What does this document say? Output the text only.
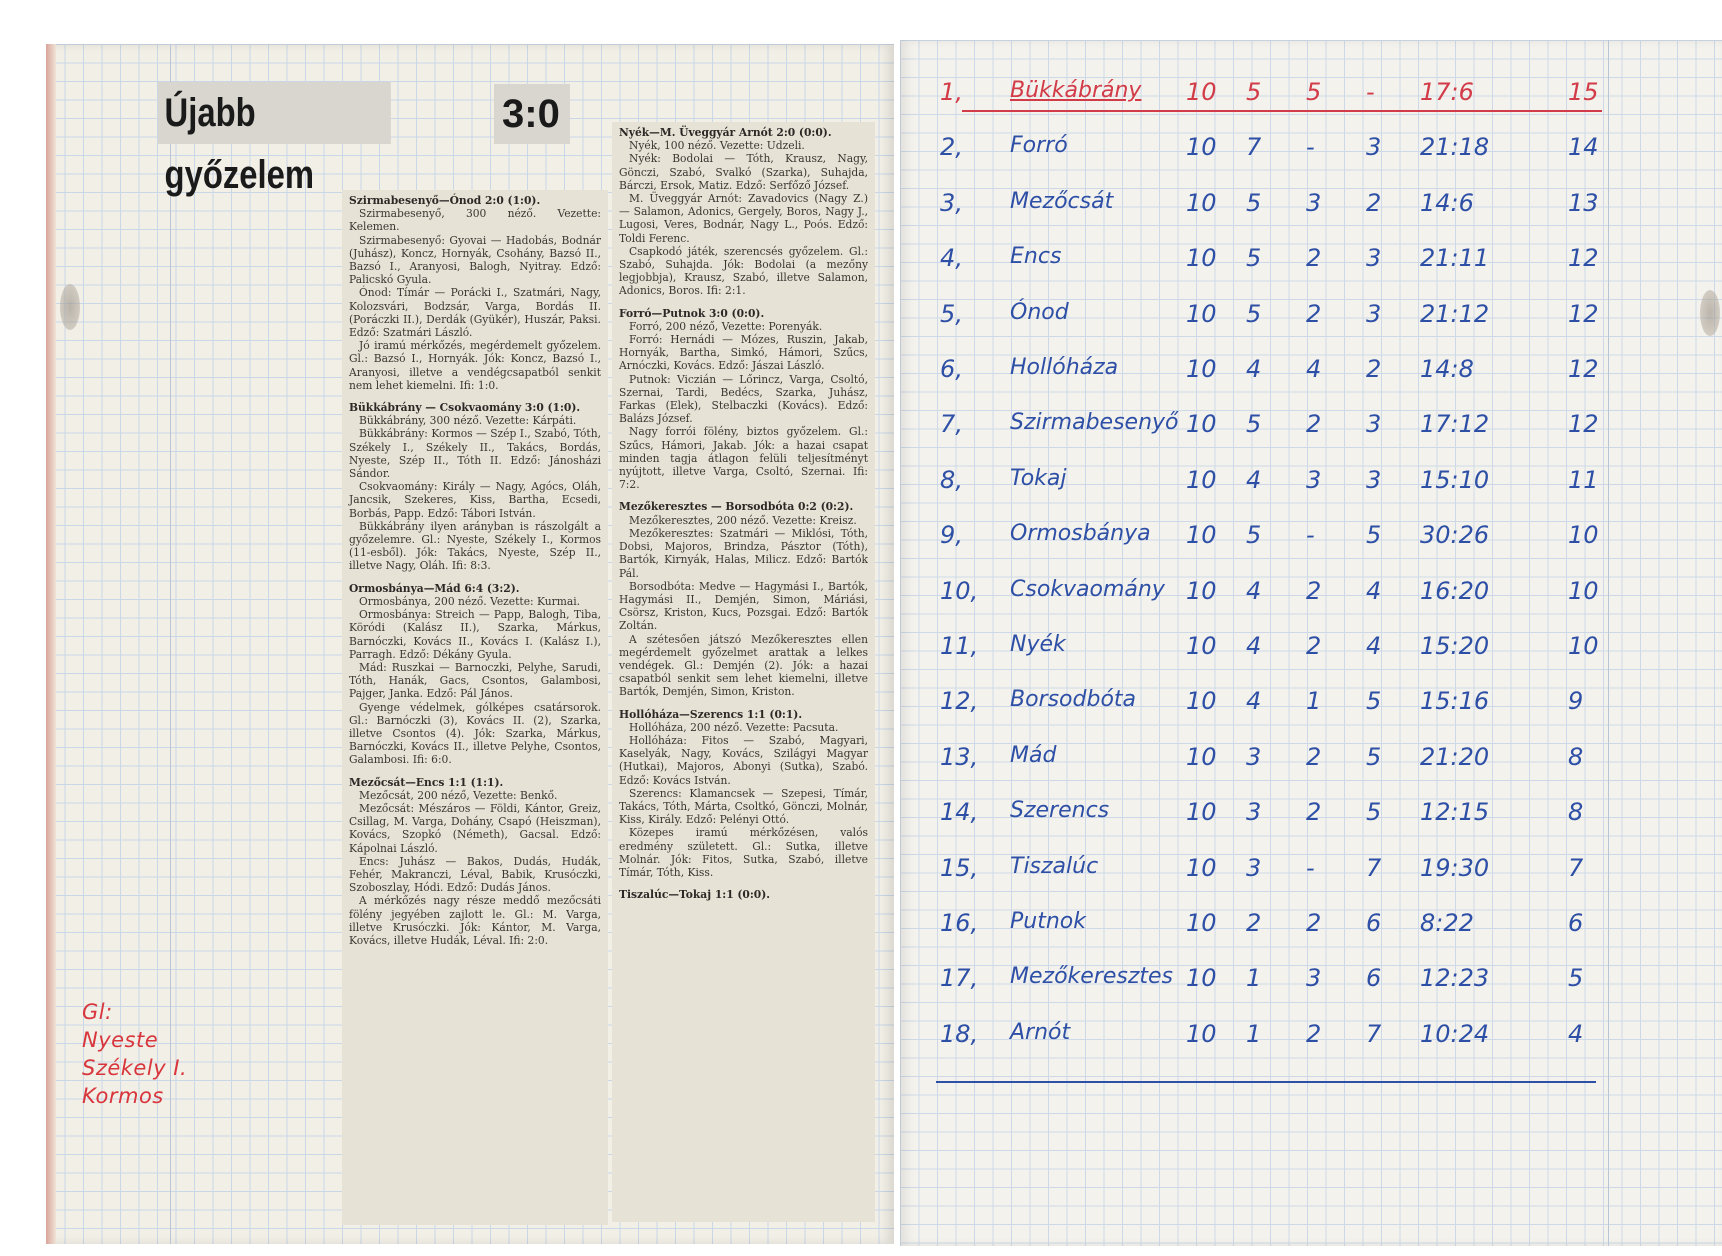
Újabb győzelem
3:0
Szirmabesenyő—Ónod 2:0 (1:0).
Szirmabesenyő, 300 néző. Vezette: Kelemen.
Szirmabesenyő: Gyovai — Hadobás, Bodnár (Juhász), Koncz, Hornyák, Csohány, Bazsó II., Bazsó I., Aranyosi, Balogh, Nyitray. Edző: Palicskó Gyula.
Ónod: Tímár — Porácki I., Szatmári, Nagy, Kolozsvári, Bodzsár, Varga, Bordás II. (Poráczki II.), Derdák (Gyükér), Huszár, Paksi. Edző: Szatmári László.
Jó iramú mérkőzés, megérdemelt győzelem. Gl.: Bazsó I., Hornyák. Jók: Koncz, Bazsó I., Aranyosi, illetve a vendégcsapatból senkit nem lehet kiemelni. Ifi: 1:0.
Bükkábrány — Csokvaomány 3:0 (1:0).
Bükkábrány, 300 néző. Vezette: Kárpáti.
Bükkábrány: Kormos — Szép I., Szabó, Tóth, Székely I., Székely II., Takács, Bordás, Nyeste, Szép II., Tóth II. Edző: Jánosházi Sándor.
Csokvaomány: Király — Nagy, Agócs, Oláh, Jancsik, Szekeres, Kiss, Bartha, Ecsedi, Borbás, Papp. Edző: Tábori István.
Bükkábrány ilyen arányban is rászolgált a győzelemre. Gl.: Nyeste, Székely I., Kormos (11-esből). Jók: Takács, Nyeste, Szép II., illetve Nagy, Oláh. Ifi: 8:3.
Ormosbánya—Mád 6:4 (3:2).
Ormosbánya, 200 néző. Vezette: Kurmai.
Ormosbánya: Streich — Papp, Balogh, Tiba, Köródi (Kalász II.), Szarka, Márkus, Barnóczki, Kovács II., Kovács I. (Kalász I.), Parragh. Edző: Dékány Gyula.
Mád: Ruszkai — Barnoczki, Pelyhe, Sarudi, Tóth, Hanák, Gacs, Csontos, Galambosi, Pajger, Janka. Edző: Pál János.
Gyenge védelmek, gólképes csatársorok. Gl.: Barnóczki (3), Kovács II. (2), Szarka, illetve Csontos (4). Jók: Szarka, Márkus, Barnóczki, Kovács II., illetve Pelyhe, Csontos, Galambosi. Ifi: 6:0.
Mezőcsát—Encs 1:1 (1:1).
Mezőcsát, 200 néző, Vezette: Benkő.
Mezőcsát: Mészáros — Földi, Kántor, Greiz, Csillag, M. Varga, Dohány, Csapó (Heiszman), Kovács, Szopkó (Németh), Gacsal. Edző: Kápolnai László.
Encs: Juhász — Bakos, Dudás, Hudák, Fehér, Makranczi, Léval, Babik, Krusóczki, Szoboszlay, Hódi. Edző: Dudás János.
A mérkőzés nagy része meddő mezőcsáti fölény jegyében zajlott le. Gl.: M. Varga, illetve Krusóczki. Jók: Kántor, M. Varga, Kovács, illetve Hudák, Léval. Ifi: 2:0.
Nyék—M. Üveggyár Arnót 2:0 (0:0).
Nyék, 100 néző. Vezette: Udzeli.
Nyék: Bodolai — Tóth, Krausz, Nagy, Gönczi, Szabó, Svalkó (Szarka), Suhajda, Bárczi, Ersok, Matiz. Edző: Serfőző József.
M. Üveggyár Arnót: Zavadovics (Nagy Z.) — Salamon, Adonics, Gergely, Boros, Nagy J., Lugosi, Veres, Bodnár, Nagy L., Poós. Edző: Toldi Ferenc.
Csapkodó játék, szerencsés győzelem. Gl.: Szabó, Suhajda. Jók: Bodolai (a mezőny legjobbja), Krausz, Szabó, illetve Salamon, Adonics, Boros. Ifi: 2:1.
Forró—Putnok 3:0 (0:0).
Forró, 200 néző, Vezette: Porenyák.
Forró: Hernádi — Mózes, Ruszin, Jakab, Hornyák, Bartha, Simkó, Hámori, Szűcs, Arnóczki, Kovács. Edző: Jászai László.
Putnok: Viczián — Lőrincz, Varga, Csoltó, Szernai, Tardi, Bedécs, Szarka, Juhász, Farkas (Elek), Stelbaczki (Kovács). Edző: Balázs József.
Nagy forrói fölény, biztos győzelem. Gl.: Szűcs, Hámori, Jakab. Jók: a hazai csapat minden tagja átlagon felüli teljesítményt nyújtott, illetve Varga, Csoltó, Szernai. Ifi: 7:2.
Mezőkeresztes — Borsodbóta 0:2 (0:2).
Mezőkeresztes, 200 néző. Vezette: Kreisz.
Mezőkeresztes: Szatmári — Miklósi, Tóth, Dobsi, Majoros, Brindza, Pásztor (Tóth), Bartók, Kirnyák, Halas, Milicz. Edző: Bartók Pál.
Borsodbóta: Medve — Hagymási I., Bartók, Hagymási II., Demjén, Simon, Máriási, Csörsz, Kriston, Kucs, Pozsgai. Edző: Bartók Zoltán.
A szétesően játszó Mezőkeresztes ellen megérdemelt győzelmet arattak a lelkes vendégek. Gl.: Demjén (2). Jók: a hazai csapatból senkit sem lehet kiemelni, illetve Bartók, Demjén, Simon, Kriston.
Hollóháza—Szerencs 1:1 (0:1).
Hollóháza, 200 néző. Vezette: Pacsuta.
Hollóháza: Fitos — Szabó, Magyari, Kaselyák, Nagy, Kovács, Szilágyi Magyar (Hutkai), Majoros, Abonyi (Sutka), Szabó. Edző: Kovács István.
Szerencs: Klamancsek — Szepesi, Tímár, Takács, Tóth, Márta, Csoltkó, Gönczi, Molnár, Kiss, Király. Edző: Pelényi Ottó.
Közepes iramú mérkőzésen, valós eredmény született. Gl.: Sutka, illetve Molnár. Jók: Fitos, Sutka, Szabó, illetve Tímár, Tóth, Kiss.
Tiszalúc—Tokaj 1:1 (0:0).
Gl:
Nyeste
Székely I.
Kormos
1,	Bükkábrány	10 5 5 - 17:6	15
2,	Forró	10 7 - 3 21:18	14
3,	Mezőcsát	10 5 3 2 14:6	13
4,	Encs	10 5 2 3 21:11	12
5,	Ónod	10 5 2 3 21:12	12
6,	Hollóháza	10 4 4 2 14:8	12
7,	Szirmabesenyő 10 5 2 3 17:12	12
8,	Tokaj	10 4 3 3 15:10	11
9,	Ormosbánya	10 5 - 5 30:26	10
10,	Csokvaomány 10 4 2 4 16:20	10
11,	Nyék	10 4 2 4 15:20	10
12,	Borsodbóta	10 4 1 5 15:16	9
13,	Mád	10 3 2 5 21:20	8
14,	Szerencs	10 3 2 5 12:15	8
15,	Tiszalúc	10 3 - 7 19:30	7
16,	Putnok	10 2 2 6 8:22	6
17,	Mezőkeresztes 10 1 3 6 12:23	5
18,	Arnót	10 1 2 7 10:24	4
